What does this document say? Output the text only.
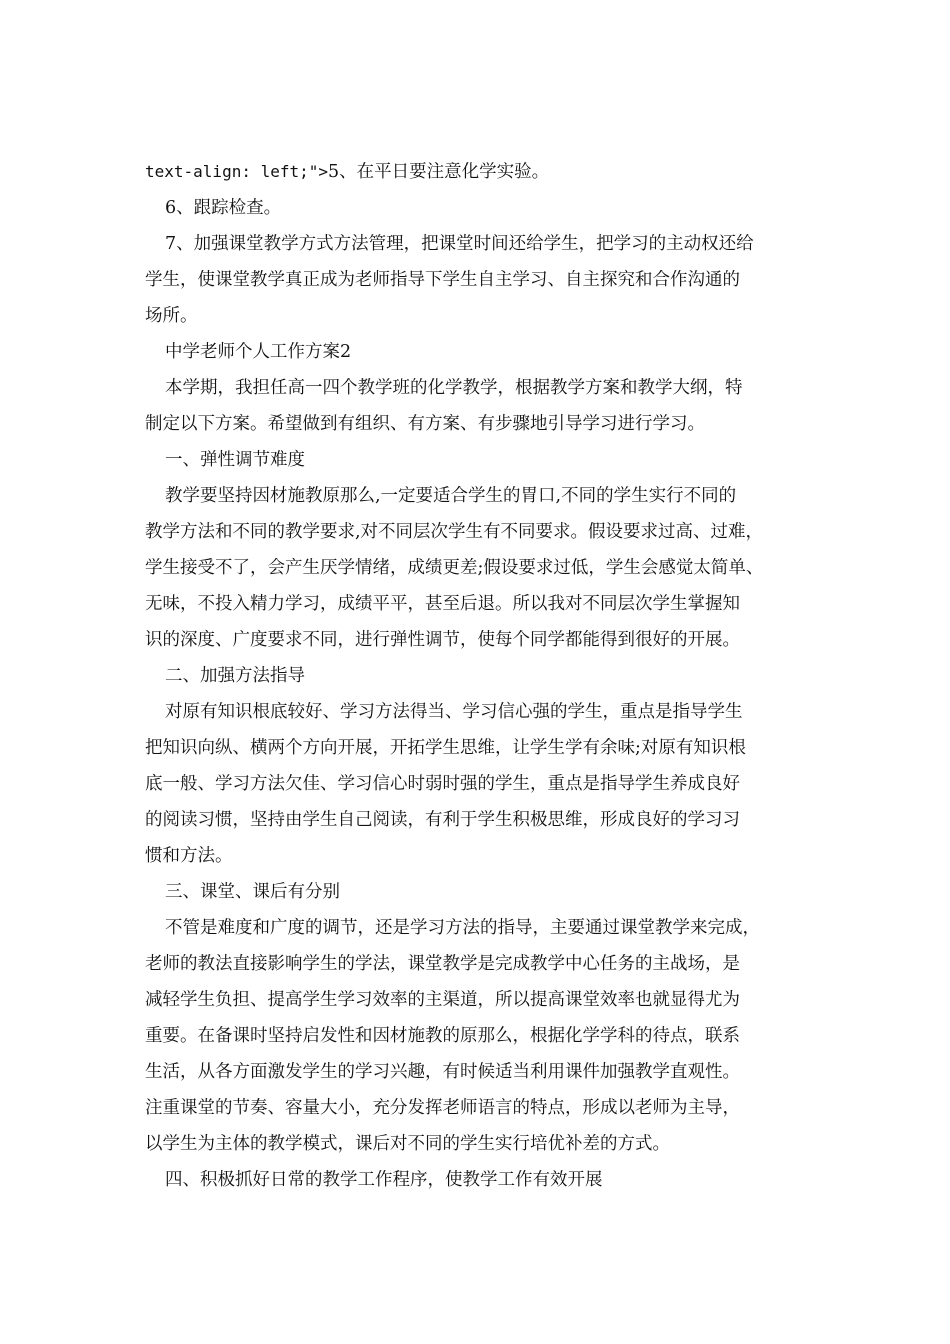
text-align: left;">5、在平日要注意化学实验。
6、跟踪检查。
7、加强课堂教学方式方法管理，把课堂时间还给学生，把学习的主动权还给
学生，使课堂教学真正成为老师指导下学生自主学习、自主探究和合作沟通的
场所。
中学老师个人工作方案2
本学期，我担任高一四个教学班的化学教学，根据教学方案和教学大纲，特
制定以下方案。希望做到有组织、有方案、有步骤地引导学习进行学习。
一、弹性调节难度
教学要坚持因材施教原那么,一定要适合学生的胃口,不同的学生实行不同的
教学方法和不同的教学要求,对不同层次学生有不同要求。假设要求过高、过难，
学生接受不了，会产生厌学情绪，成绩更差;假设要求过低，学生会感觉太简单、
无味，不投入精力学习，成绩平平，甚至后退。所以我对不同层次学生掌握知
识的深度、广度要求不同，进行弹性调节，使每个同学都能得到很好的开展。
二、加强方法指导
对原有知识根底较好、学习方法得当、学习信心强的学生，重点是指导学生
把知识向纵、横两个方向开展，开拓学生思维，让学生学有余味;对原有知识根
底一般、学习方法欠佳、学习信心时弱时强的学生，重点是指导学生养成良好
的阅读习惯，坚持由学生自己阅读，有利于学生积极思维，形成良好的学习习
惯和方法。
三、课堂、课后有分别
不管是难度和广度的调节，还是学习方法的指导，主要通过课堂教学来完成，
老师的教法直接影响学生的学法，课堂教学是完成教学中心任务的主战场，是
减轻学生负担、提高学生学习效率的主渠道，所以提高课堂效率也就显得尤为
重要。在备课时坚持启发性和因材施教的原那么，根据化学学科的待点，联系
生活，从各方面激发学生的学习兴趣，有时候适当利用课件加强教学直观性。
注重课堂的节奏、容量大小，充分发挥老师语言的特点，形成以老师为主导，
以学生为主体的教学模式，课后对不同的学生实行培优补差的方式。
四、积极抓好日常的教学工作程序，使教学工作有效开展
